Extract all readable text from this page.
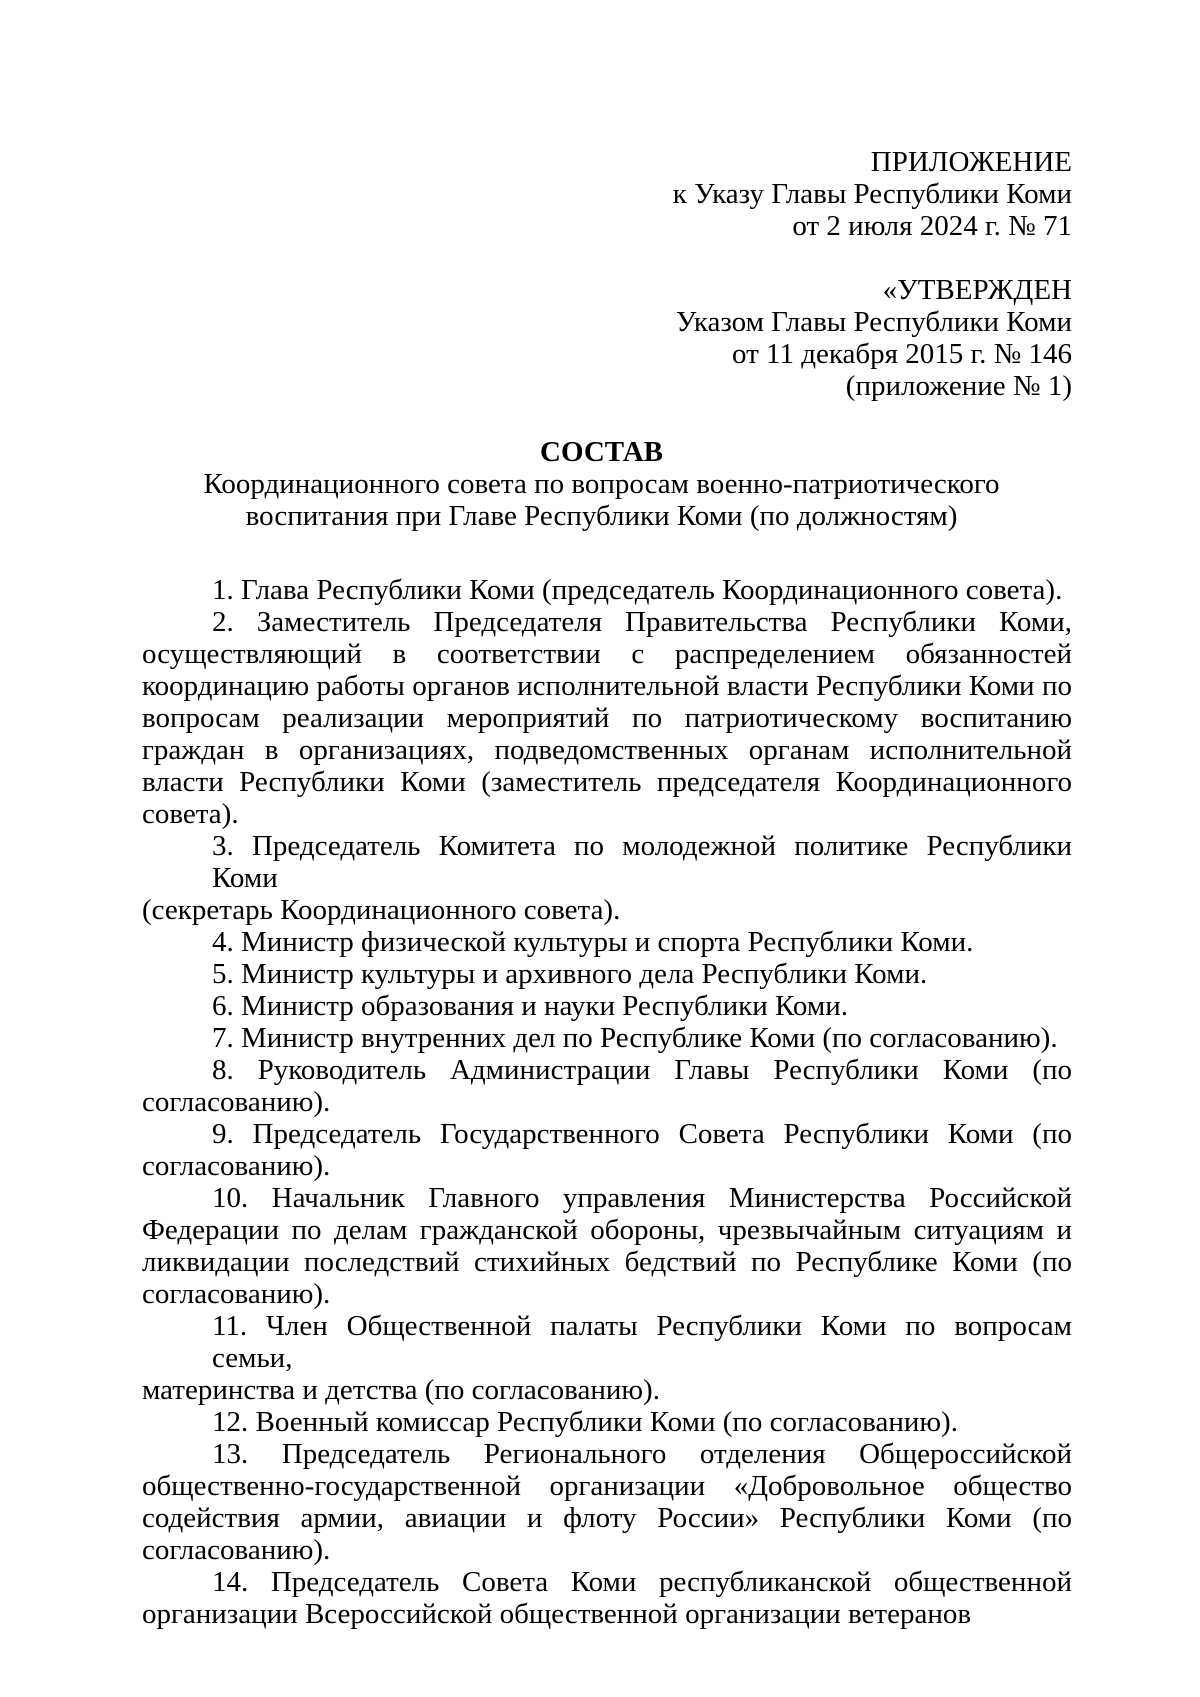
ПРИЛОЖЕНИЕ
к Указу Главы Республики Коми
от 2 июля 2024 г. № 71
«УТВЕРЖДЕН
Указом Главы Республики Коми
от 11 декабря 2015 г. № 146
(приложение № 1)
СОСТАВ
Координационного совета по вопросам военно-патриотического
воспитания при Главе Республики Коми (по должностям)
1. Глава Республики Коми (председатель Координационного совета).
2. Заместитель Председателя Правительства Республики Коми,
осуществляющий в соответствии с распределением обязанностей
координацию работы органов исполнительной власти Республики Коми по
вопросам реализации мероприятий по патриотическому воспитанию
граждан в организациях, подведомственных органам исполнительной
власти Республики Коми (заместитель председателя Координационного
совета).
3. Председатель Комитета по молодежной политике Республики Коми
(секретарь Координационного совета).
4. Министр физической культуры и спорта Республики Коми.
5. Министр культуры и архивного дела Республики Коми.
6. Министр образования и науки Республики Коми.
7. Министр внутренних дел по Республике Коми (по согласованию).
8. Руководитель Администрации Главы Республики Коми (по
согласованию).
9. Председатель Государственного Совета Республики Коми (по
согласованию).
10. Начальник Главного управления Министерства Российской
Федерации по делам гражданской обороны, чрезвычайным ситуациям и
ликвидации последствий стихийных бедствий по Республике Коми (по
согласованию).
11. Член Общественной палаты Республики Коми по вопросам семьи,
материнства и детства (по согласованию).
12. Военный комиссар Республики Коми (по согласованию).
13. Председатель Регионального отделения Общероссийской
общественно-государственной организации «Добровольное общество
содействия армии, авиации и флоту России» Республики Коми (по
согласованию).
14. Председатель Совета Коми республиканской общественной
организации Всероссийской общественной организации ветеранов
